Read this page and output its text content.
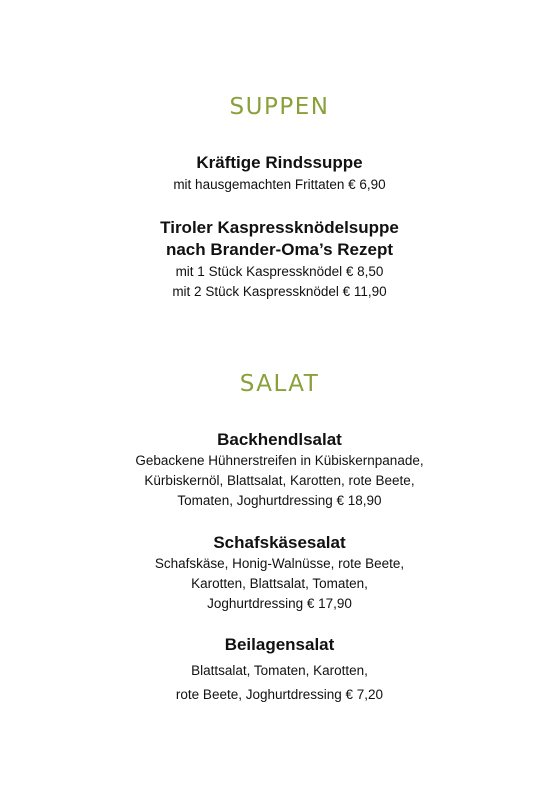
SUPPEN

Kräftige Rindssuppe

mit hausgemachten Frittaten € 6,90

Tiroler Kaspressknödelsuppe

nach Brander-Oma’s Rezept

mit 1 Stück Kaspressknödel € 8,50

mit 2 Stück Kaspressknödel € 11,90

SALAT

Backhendlsalat

Gebackene Hühnerstreifen in Kübiskernpanade,

Kürbiskernöl, Blattsalat, Karotten, rote Beete,

Tomaten, Joghurtdressing € 18,90

Schafskäsesalat

Schafskäse, Honig-Walnüsse, rote Beete,

Karotten, Blattsalat, Tomaten,

Joghurtdressing € 17,90

Beilagensalat

Blattsalat, Tomaten, Karotten,

rote Beete, Joghurtdressing € 7,20
